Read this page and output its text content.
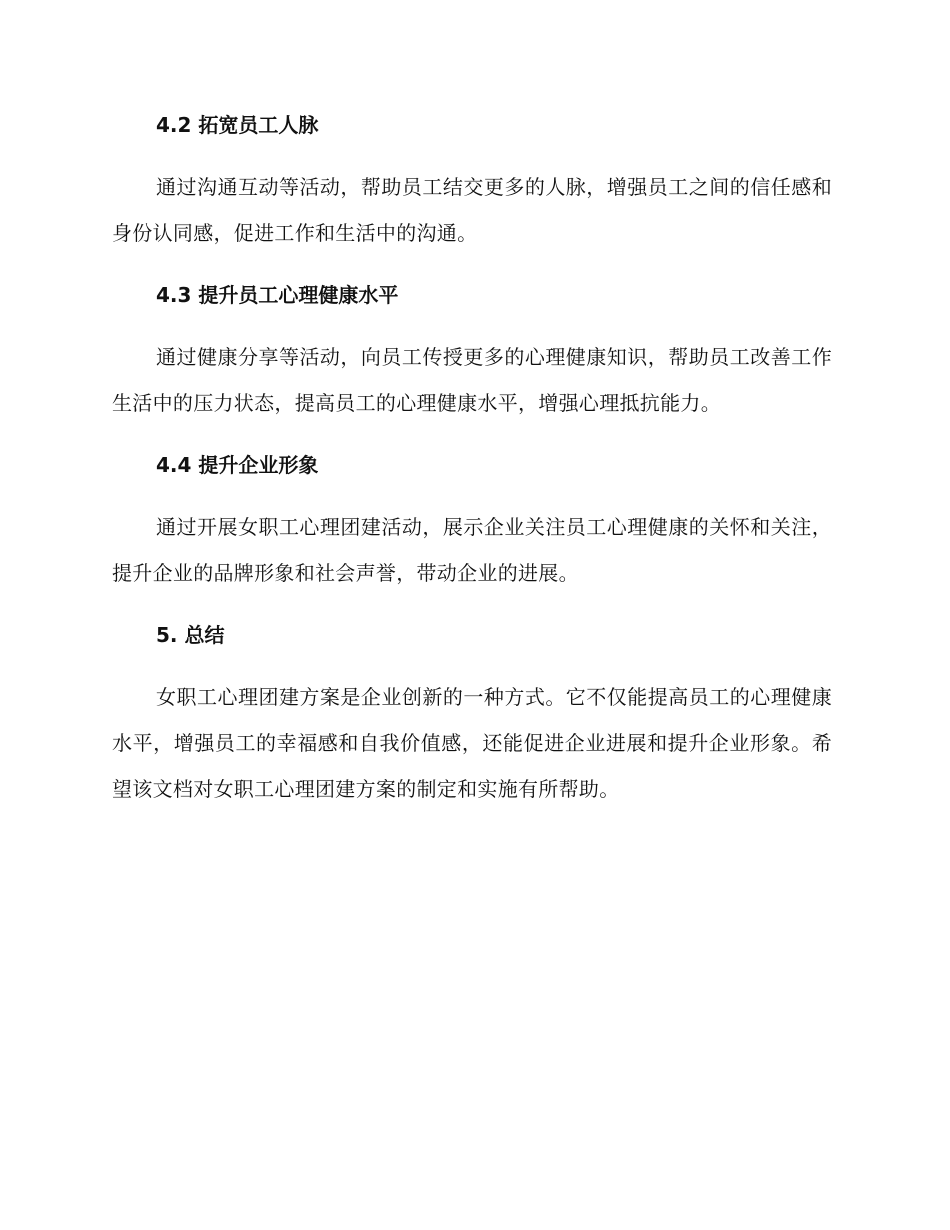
4.2 拓宽员工人脉

通过沟通互动等活动，帮助员工结交更多的人脉，增强员工之间的信任感和身份认同感，促进工作和生活中的沟通。

4.3 提升员工心理健康水平

通过健康分享等活动，向员工传授更多的心理健康知识，帮助员工改善工作生活中的压力状态，提高员工的心理健康水平，增强心理抵抗能力。

4.4 提升企业形象

通过开展女职工心理团建活动，展示企业关注员工心理健康的关怀和关注，提升企业的品牌形象和社会声誉，带动企业的进展。

5. 总结

女职工心理团建方案是企业创新的一种方式。它不仅能提高员工的心理健康水平，增强员工的幸福感和自我价值感，还能促进企业进展和提升企业形象。希望该文档对女职工心理团建方案的制定和实施有所帮助。
